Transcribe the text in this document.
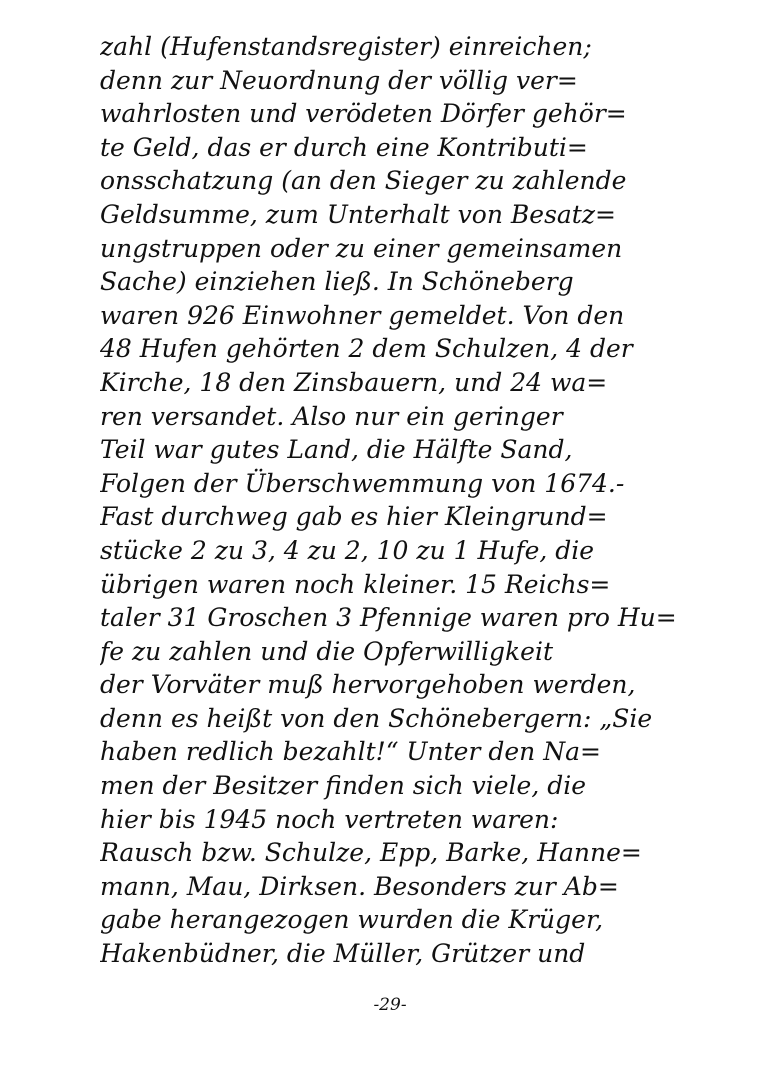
zahl (Hufenstandsregister) einreichen;
denn zur Neuordnung der völlig ver=
wahrlosten und verödeten Dörfer gehör=
te Geld, das er durch eine Kontributi=
onsschatzung (an den Sieger zu zahlende
Geldsumme, zum Unterhalt von Besatz=
ungstruppen oder zu einer gemeinsamen
Sache) einziehen ließ. In Schöneberg
waren 926 Einwohner gemeldet. Von den
48 Hufen gehörten 2 dem Schulzen, 4 der
Kirche, 18 den Zinsbauern, und 24 wa=
ren versandet. Also nur ein geringer
Teil war gutes Land, die Hälfte Sand,
Folgen der Überschwemmung von 1674.-
Fast durchweg gab es hier Kleingrund=
stücke 2 zu 3, 4 zu 2, 10 zu 1 Hufe, die
übrigen waren noch kleiner. 15 Reichs=
taler 31 Groschen 3 Pfennige waren pro Hu=
fe zu zahlen und die Opferwilligkeit
der Vorväter muß hervorgehoben werden,
denn es heißt von den Schönebergern: „Sie
haben redlich bezahlt!“ Unter den Na=
men der Besitzer finden sich viele, die
hier bis 1945 noch vertreten waren:
Rausch bzw. Schulze, Epp, Barke, Hanne=
mann, Mau, Dirksen. Besonders zur Ab=
gabe herangezogen wurden die Krüger,
Hakenbüdner, die Müller, Grützer und
-29-
